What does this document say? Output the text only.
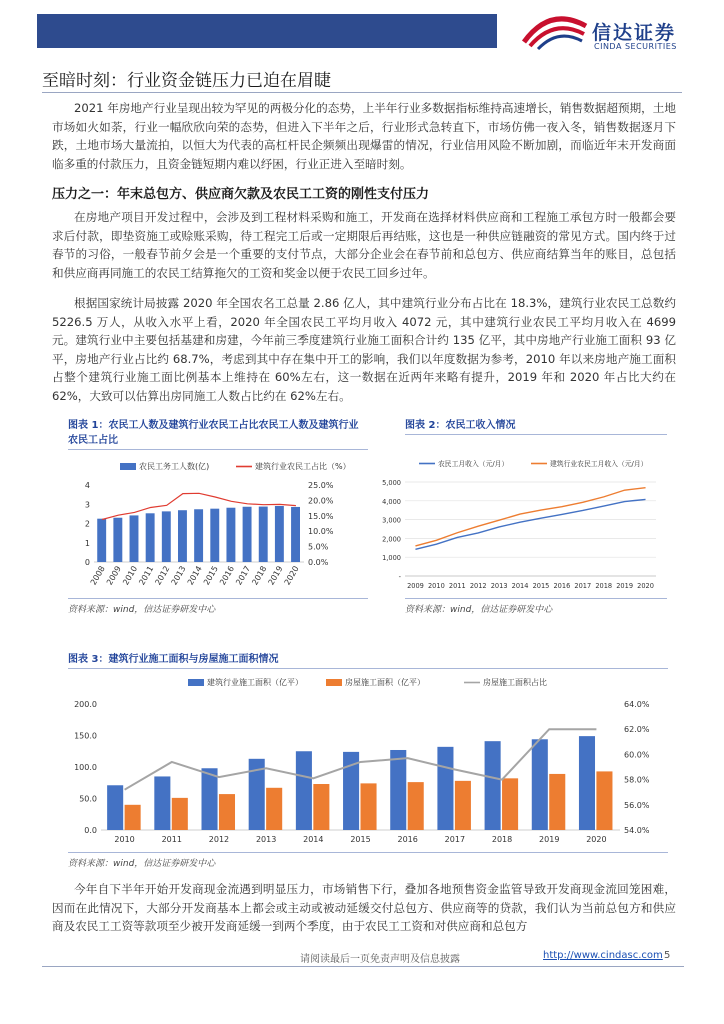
信达证券
CINDA SECURITIES
至暗时刻：行业资金链压力已迫在眉睫

2021 年房地产行业呈现出较为罕见的两极分化的态势，上半年行业多数据指标维持高速增长，销售数据超预期，土地市场如火如荼，行业一幅欣欣向荣的态势，但进入下半年之后，行业形式急转直下，市场仿佛一夜入冬，销售数据逐月下跌，土地市场大量流拍，以恒大为代表的高杠杆民企频频出现爆雷的情况，行业信用风险不断加剧，而临近年末开发商面临多重的付款压力，且资金链短期内难以纾困，行业正进入至暗时刻。

压力之一：年末总包方、供应商欠款及农民工工资的刚性支付压力

在房地产项目开发过程中，会涉及到工程材料采购和施工，开发商在选择材料供应商和工程施工承包方时一般都会要求后付款，即垫资施工或赊账采购，待工程完工后或一定期限后再结账，这也是一种供应链融资的常见方式。国内终于过春节的习俗，一般春节前夕会是一个重要的支付节点，大部分企业会在春节前和总包方、供应商结算当年的账目，总包括和供应商再同施工的农民工结算拖欠的工资和奖金以便于农民工回乡过年。

根据国家统计局披露 2020 年全国农名工总量 2.86 亿人，其中建筑行业分布占比在 18.3%，建筑行业农民工总数约 5226.5 万人，从收入水平上看，2020 年全国农民工平均月收入 4072 元，其中建筑行业农民工平均月收入在 4699 元。建筑行业中主要包括基建和房建，今年前三季度建筑行业施工面积合计约 135 亿平，其中房地产行业施工面积 93 亿平，房地产行业占比约 68.7%，考虑到其中存在集中开工的影响，我们以年度数据为参考，2010 年以来房地产施工面积占整个建筑行业施工面比例基本上维持在 60%左右，这一数据在近两年来略有提升，2019 年和 2020 年占比大约在 62%，大致可以估算出房同施工人数占比约在 62%左右。

图表 1：农民工人数及建筑行业农民工占比农民工人数及建筑行业农民工占比
0
1
2
3
4
0.0%
5.0%
10.0%
15.0%
20.0%
25.0%
2008
2009
2010
2011
2012
2013
2014
2015
2016
2017
2018
2019
2020
农民工务工人数(亿)	建筑行业农民工占比（%）
资料来源：wind，信达证券研发中心
图表 2：农民工收入情况
-
1,000
2,000
3,000
4,000
5,000
2009 2010 2011 2012 2013 2014 2015 2016 2017 2018 2019 2020
农民工月收入（元/月）	建筑行业农民工月收入（元/月）
资料来源：wind，信达证券研发中心
图表 3：建筑行业施工面积与房屋施工面积情况
0.0
50.0
100.0
150.0
200.0
54.0%
56.0%
58.0%
60.0%
62.0%
64.0%
2010	2011	2012	2013	2014	2015	2016	2017	2018	2019	2020
建筑行业施工面积（亿平）	房屋施工面积（亿平）	房屋施工面积占比
资料来源：wind，信达证券研发中心

今年自下半年开始开发商现金流遇到明显压力，市场销售下行，叠加各地预售资金监管导致开发商现金流回笼困难，因而在此情况下，大部分开发商基本上都会或主动或被动延缓交付总包方、供应商等的贷款，我们认为当前总包方和供应商及农民工工资等款项至少被开发商延缓一到两个季度，由于农民工工资和对供应商和总包方

请阅读最后一页免责声明及信息披露	http://www.cindasc.com 5
